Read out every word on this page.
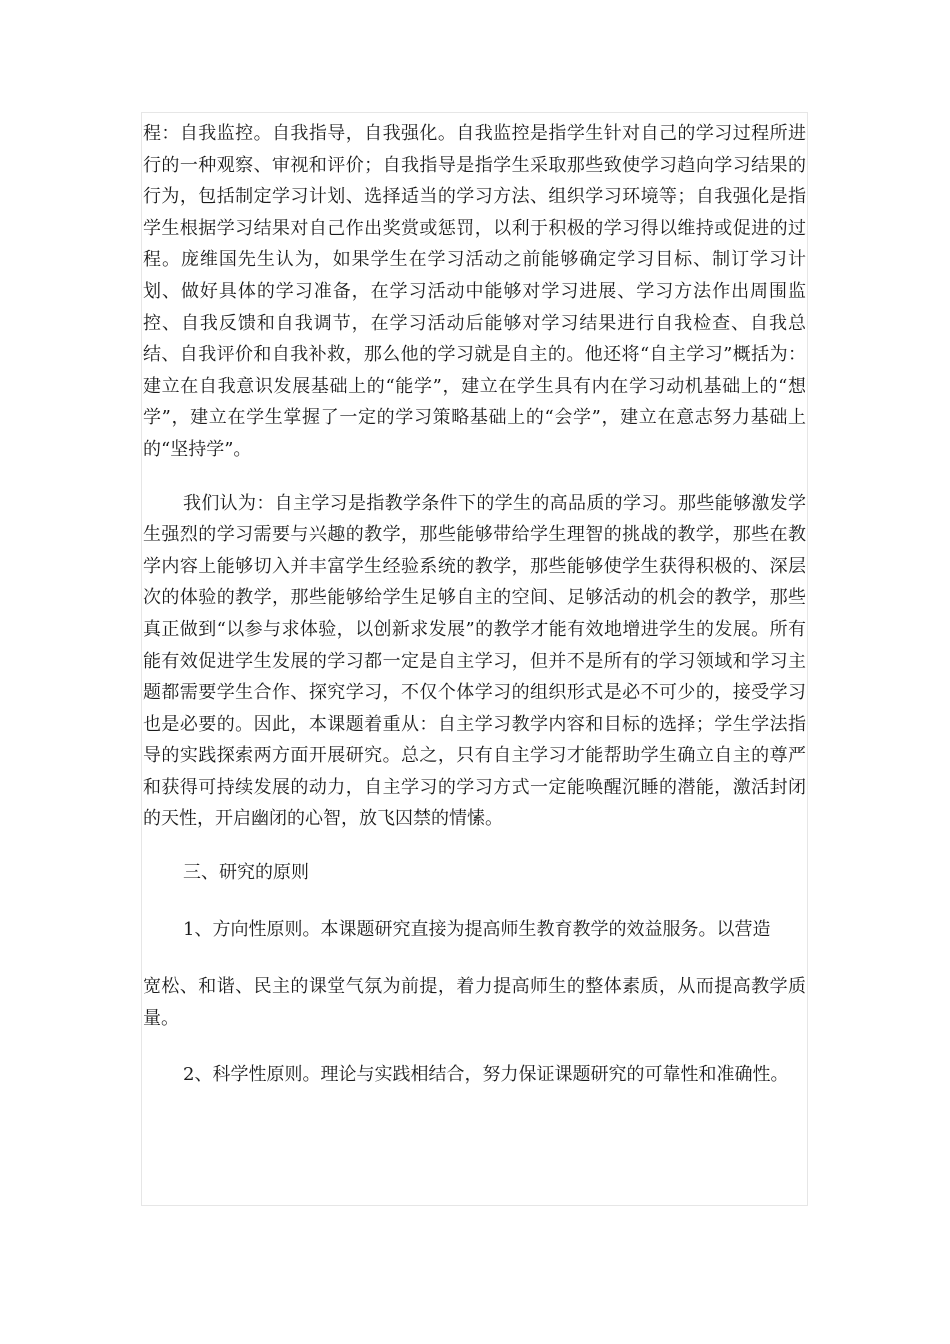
程：自我监控。自我指导，自我强化。自我监控是指学生针对自己的学习过程所进行的一种观察、审视和评价；自我指导是指学生采取那些致使学习趋向学习结果的行为，包括制定学习计划、选择适当的学习方法、组织学习环境等；自我强化是指学生根据学习结果对自己作出奖赏或惩罚，以利于积极的学习得以维持或促进的过程。庞维国先生认为，如果学生在学习活动之前能够确定学习目标、制订学习计划、做好具体的学习准备，在学习活动中能够对学习进展、学习方法作出周围监控、自我反馈和自我调节，在学习活动后能够对学习结果进行自我检查、自我总结、自我评价和自我补救，那么他的学习就是自主的。他还将“自主学习”概括为：建立在自我意识发展基础上的“能学”，建立在学生具有内在学习动机基础上的“想学”，建立在学生掌握了一定的学习策略基础上的“会学”，建立在意志努力基础上的“坚持学”。

我们认为：自主学习是指教学条件下的学生的高品质的学习。那些能够激发学生强烈的学习需要与兴趣的教学，那些能够带给学生理智的挑战的教学，那些在教学内容上能够切入并丰富学生经验系统的教学，那些能够使学生获得积极的、深层次的体验的教学，那些能够给学生足够自主的空间、足够活动的机会的教学，那些真正做到“以参与求体验，以创新求发展”的教学才能有效地增进学生的发展。所有能有效促进学生发展的学习都一定是自主学习，但并不是所有的学习领域和学习主题都需要学生合作、探究学习，不仅个体学习的组织形式是必不可少的，接受学习也是必要的。因此，本课题着重从：自主学习教学内容和目标的选择；学生学法指导的实践探索两方面开展研究。总之，只有自主学习才能帮助学生确立自主的尊严和获得可持续发展的动力，自主学习的学习方式一定能唤醒沉睡的潜能，激活封闭的天性，开启幽闭的心智，放飞囚禁的情愫。

三、研究的原则

1、方向性原则。本课题研究直接为提高师生教育教学的效益服务。以营造
宽松、和谐、民主的课堂气氛为前提，着力提高师生的整体素质，从而提高教学质量。

2、科学性原则。理论与实践相结合，努力保证课题研究的可靠性和准确性。
